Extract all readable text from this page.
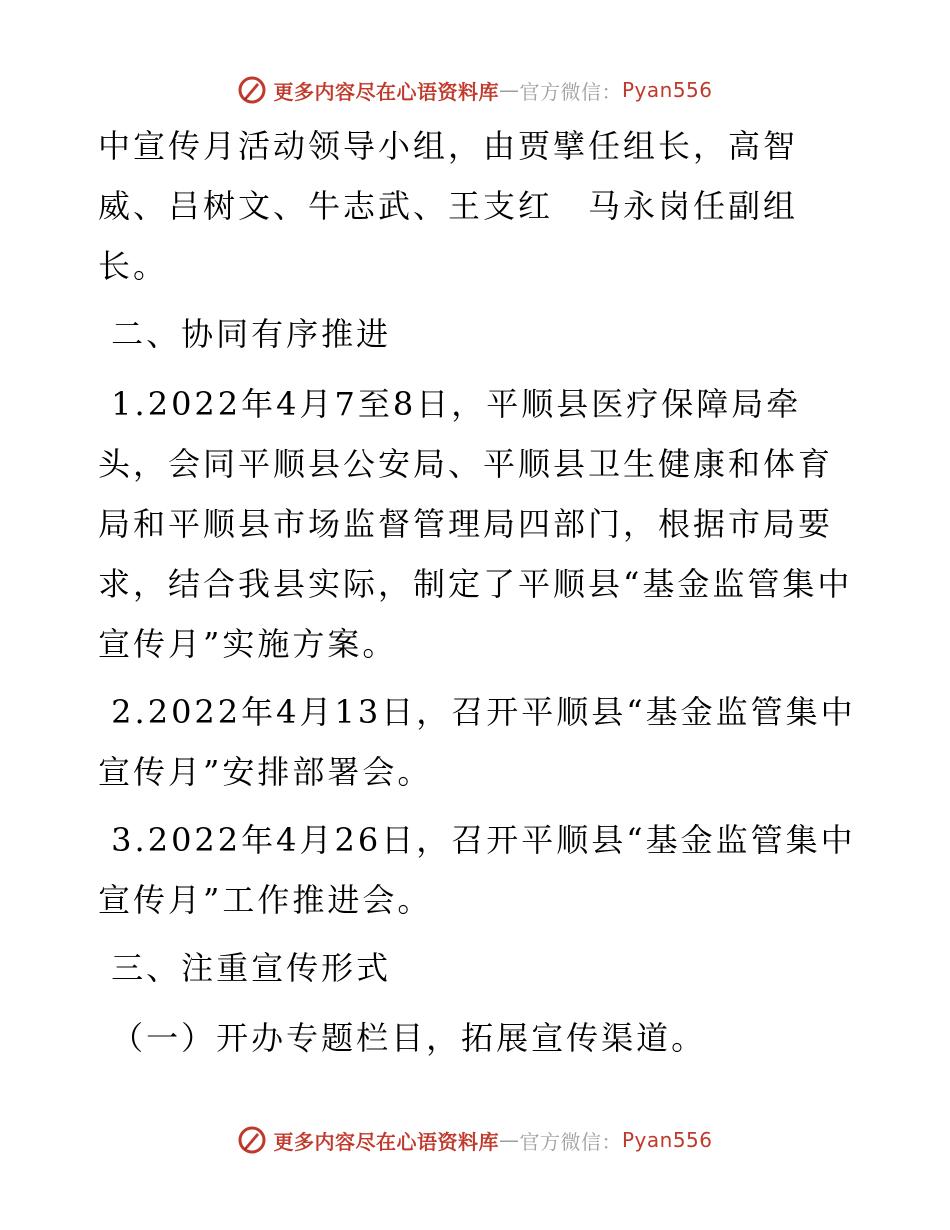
更多内容尽在心语资料库 — 官方微信： Pyan556

中宣传月活动领导小组，由贾擘任组长，高智威、吕树文、牛志武、王支红　马永岗任副组长。

二、协同有序推进

1.2022年4月7至8日，平顺县医疗保障局牵头，会同平顺县公安局、平顺县卫生健康和体育局和平顺县市场监督管理局四部门，根据市局要求，结合我县实际，制定了平顺县“基金监管集中宣传月”实施方案。

2.2022年4月13日，召开平顺县“基金监管集中宣传月”安排部署会。

3.2022年4月26日，召开平顺县“基金监管集中宣传月”工作推进会。

三、注重宣传形式

（一）开办专题栏目，拓展宣传渠道。

更多内容尽在心语资料库 — 官方微信： Pyan556
